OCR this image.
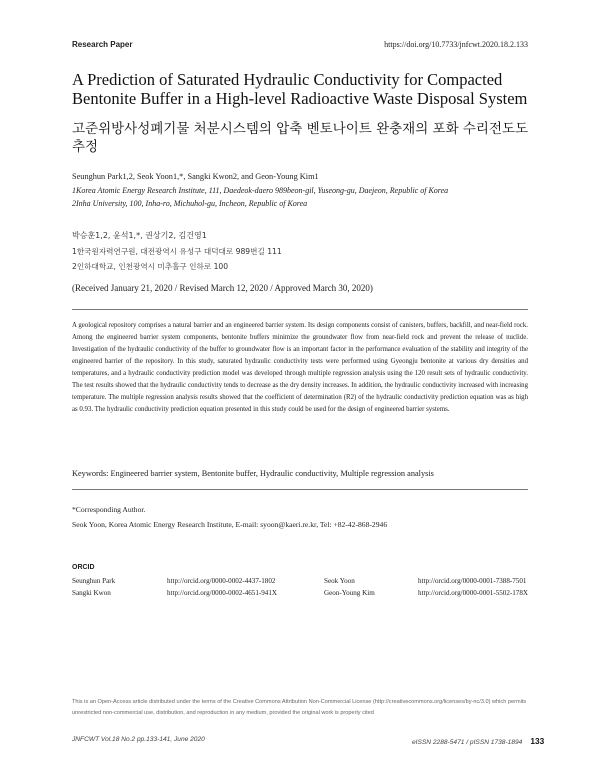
Research Paper	https://doi.org/10.7733/jnfcwt.2020.18.2.133
A Prediction of Saturated Hydraulic Conductivity for Compacted Bentonite Buffer in a High-level Radioactive Waste Disposal System
고준위방사성폐기물 처분시스템의 압축 벤토나이트 완충재의 포화 수리전도도 추정
Seunghun Park1,2, Seok Yoon1,*, Sangki Kwon2, and Geon-Young Kim1
1Korea Atomic Energy Research Institute, 111, Daedeok-daero 989beon-gil, Yuseong-gu, Daejeon, Republic of Korea
2Inha University, 100, Inha-ro, Michuhol-gu, Incheon, Republic of Korea
박승훈1,2, 윤석1,*, 권상기2, 김건영1
1한국원자력연구원, 대전광역시 유성구 대덕대로 989번길 111
2인하대학교, 인천광역시 미추홀구 인하로 100
(Received January 21, 2020 / Revised March 12, 2020 / Approved March 30, 2020)
A geological repository comprises a natural barrier and an engineered barrier system. Its design components consist of canisters, buffers, backfill, and near-field rock. Among the engineered barrier system components, bentonite buffers minimize the groundwater flow from near-field rock and prevent the release of nuclide. Investigation of the hydraulic conductivity of the buffer to groundwater flow is an important factor in the performance evaluation of the stability and integrity of the engineered barrier of the repository. In this study, saturated hydraulic conductivity tests were performed using Gyeongju bentonite at various dry densities and temperatures, and a hydraulic conductivity prediction model was developed through multiple regression analysis using the 120 result sets of hydraulic conductivity. The test results showed that the hydraulic conductivity tends to decrease as the dry density increases. In addition, the hydraulic conductivity increased with increasing temperature. The multiple regression analysis results showed that the coefficient of determination (R2) of the hydraulic conductivity prediction equation was as high as 0.93. The hydraulic conductivity prediction equation presented in this study could be used for the design of engineered barrier systems.
Keywords: Engineered barrier system, Bentonite buffer, Hydraulic conductivity, Multiple regression analysis
*Corresponding Author.
Seok Yoon, Korea Atomic Energy Research Institute, E-mail: syoon@kaeri.re.kr, Tel: +82-42-868-2946
ORCID
Seunghun Park	http://orcid.org/0000-0002-4437-1802	Seok Yoon	http://orcid.org/0000-0001-7388-7501
Sangki Kwon	http://orcid.org/0000-0002-4651-941X	Geon-Young Kim	http://orcid.org/0000-0001-5502-178X
This is an Open-Access article distributed under the terms of the Creative Commons Attribution Non-Commercial License (http://creativecommons.org/licenses/by-nc/3.0) which permits unrestricted non-commercial use, distribution, and reproduction in any medium, provided the original work is properly cited
JNFCWT Vol.18 No.2 pp.133-141, June 2020	eISSN 2288-5471 / pISSN 1738-1894 133
